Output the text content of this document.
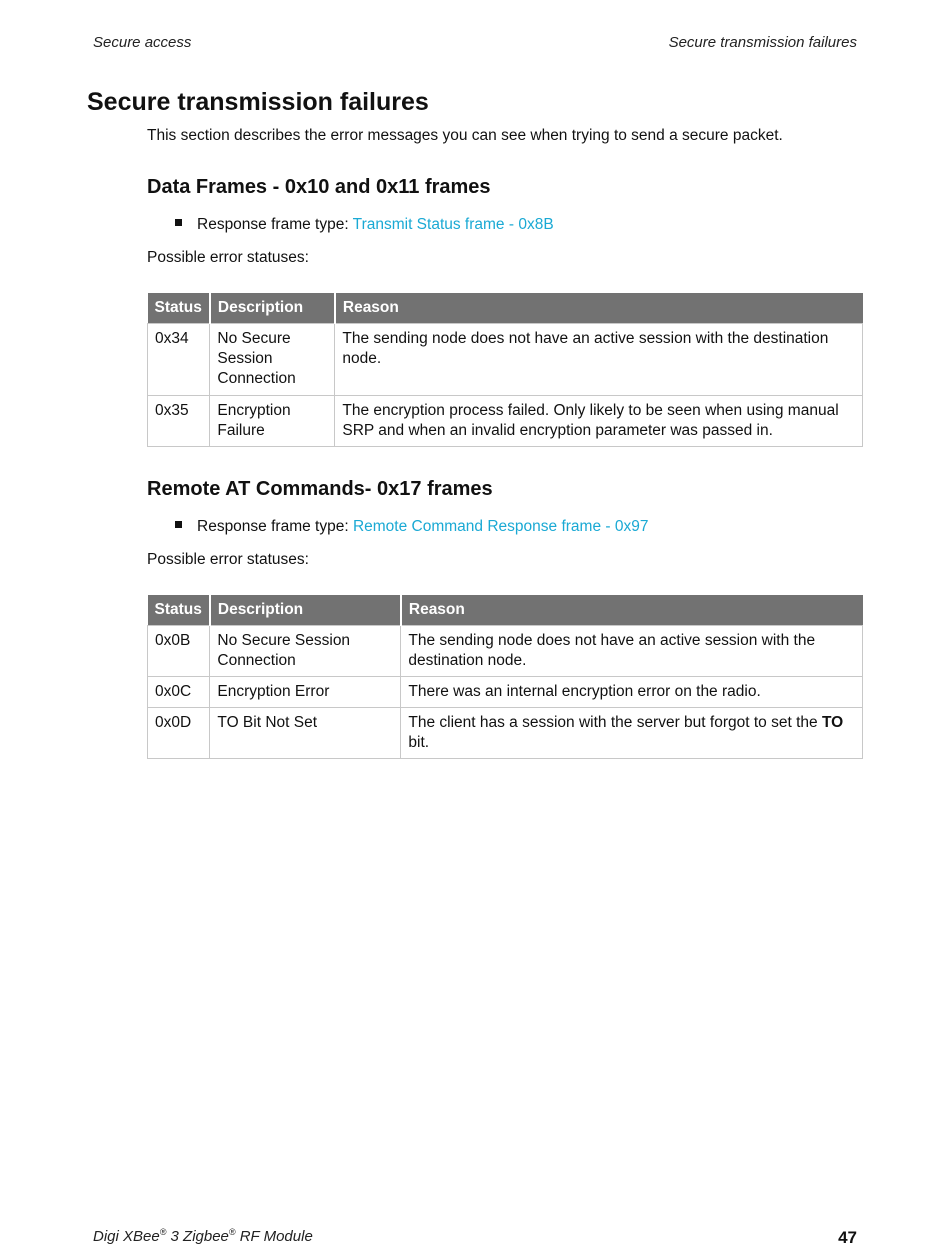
Secure access	Secure transmission failures
Secure transmission failures

This section describes the error messages you can see when trying to send a secure packet.

Data Frames - 0x10 and 0x11 frames
Response frame type: Transmit Status frame - 0x8B
Possible error statuses:
Status	Description	Reason
0x34	No Secure Session Connection	The sending node does not have an active session with the destination node.
0x35	Encryption Failure	The encryption process failed. Only likely to be seen when using manual SRP and when an invalid encryption parameter was passed in.
Remote AT Commands- 0x17 frames
Response frame type: Remote Command Response frame - 0x97
Possible error statuses:
Status	Description	Reason
0x0B	No Secure Session Connection	The sending node does not have an active session with the destination node.
0x0C	Encryption Error	There was an internal encryption error on the radio.
0x0D	TO Bit Not Set	The client has a session with the server but forgot to set the TO bit.
Digi XBee® 3 Zigbee® RF Module	47
